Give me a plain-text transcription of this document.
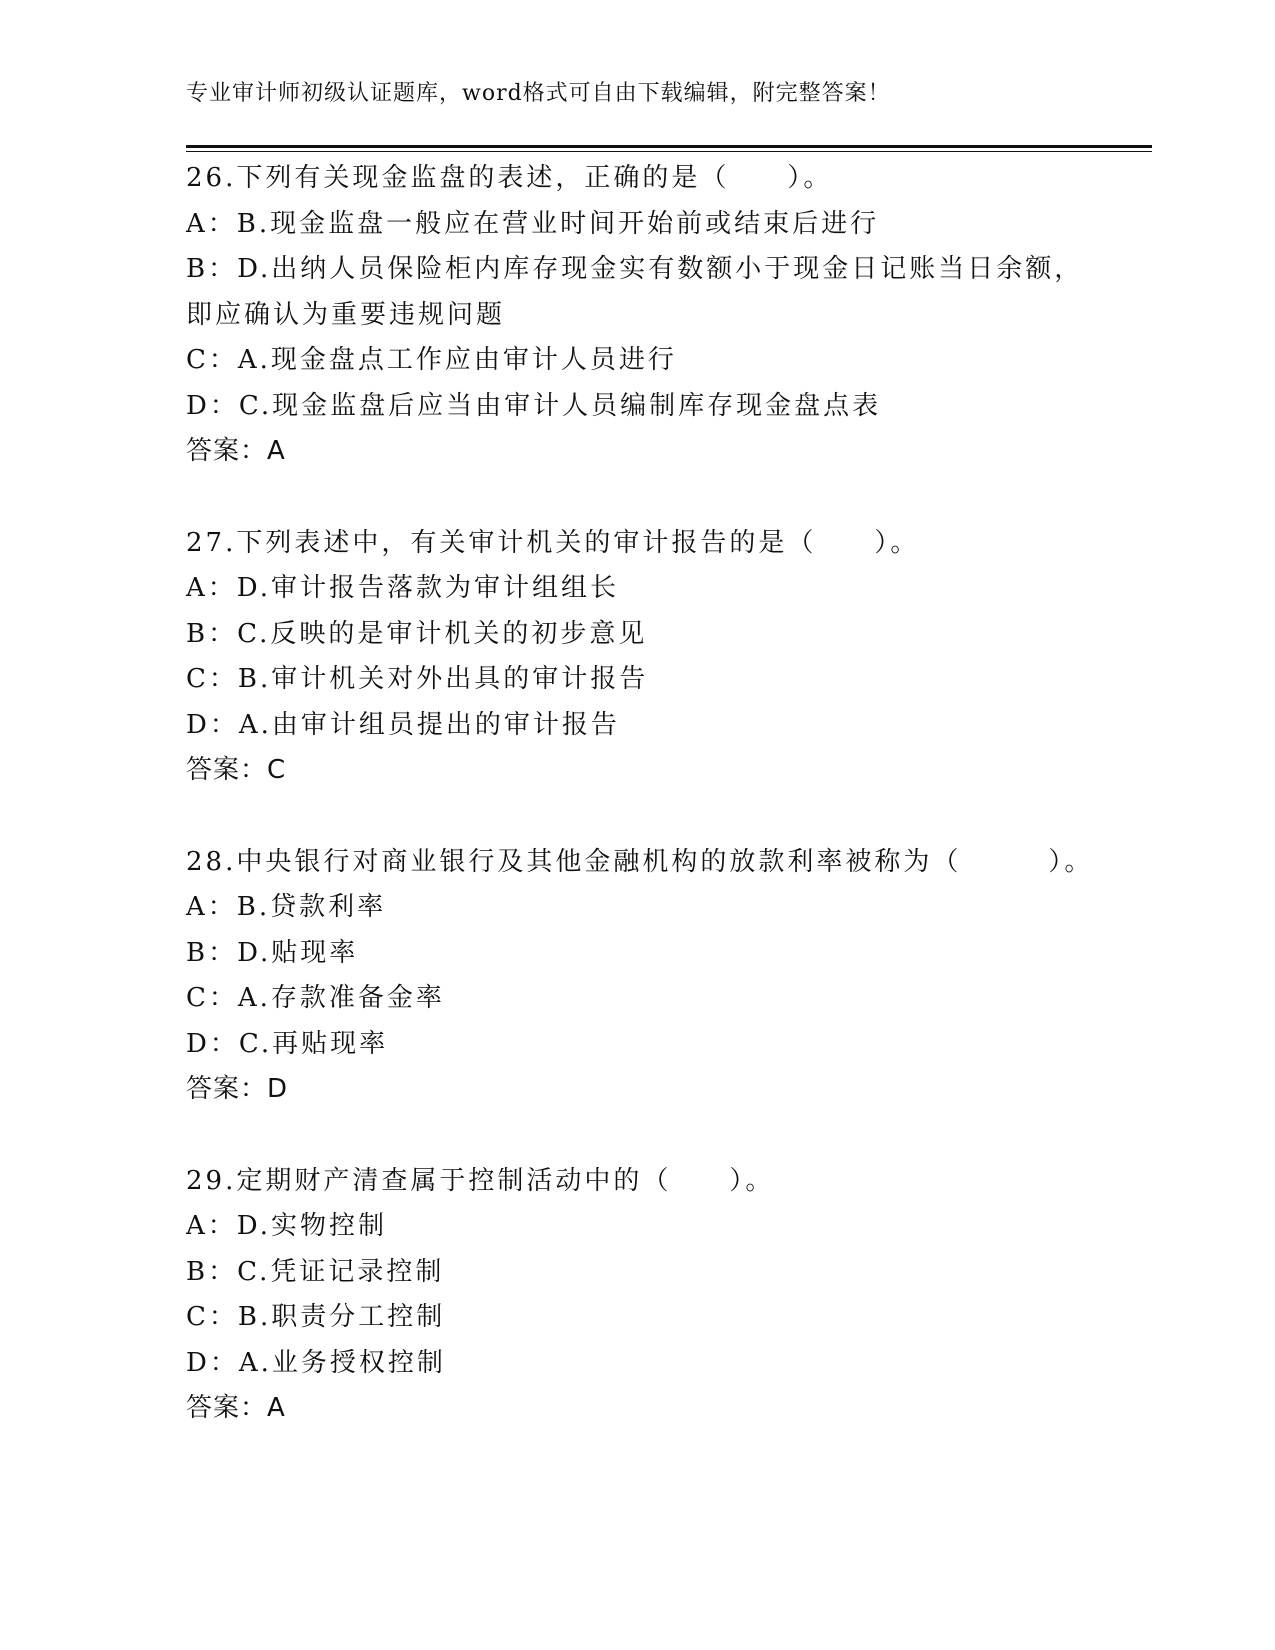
专业审计师初级认证题库，word格式可自由下载编辑，附完整答案！
26.下列有关现金监盘的表述，正确的是（　　）。
A：B.现金监盘一般应在营业时间开始前或结束后进行
B：D.出纳人员保险柜内库存现金实有数额小于现金日记账当日余额，
即应确认为重要违规问题
C：A.现金盘点工作应由审计人员进行
D：C.现金监盘后应当由审计人员编制库存现金盘点表
答案：A
27.下列表述中，有关审计机关的审计报告的是（　　）。
A：D.审计报告落款为审计组组长
B：C.反映的是审计机关的初步意见
C：B.审计机关对外出具的审计报告
D：A.由审计组员提出的审计报告
答案：C
28.中央银行对商业银行及其他金融机构的放款利率被称为（　　　）。
A：B.贷款利率
B：D.贴现率
C：A.存款准备金率
D：C.再贴现率
答案：D
29.定期财产清查属于控制活动中的（　　）。
A：D.实物控制
B：C.凭证记录控制
C：B.职责分工控制
D：A.业务授权控制
答案：A
